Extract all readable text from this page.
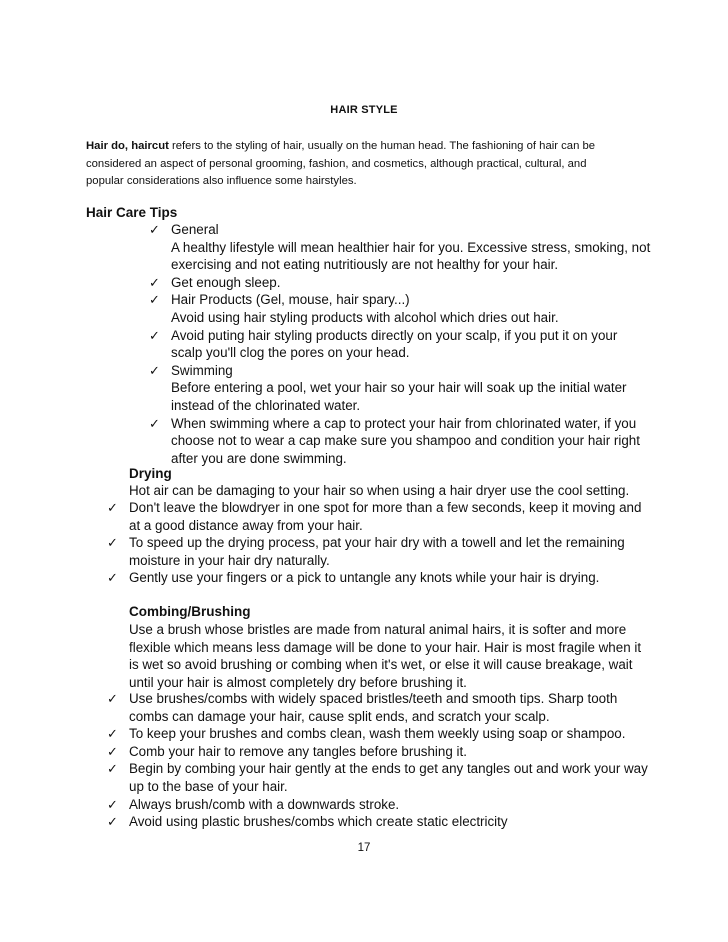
HAIR STYLE
Hair do, haircut refers to the styling of hair, usually on the human head. The fashioning of hair can be
considered an aspect of personal grooming, fashion, and cosmetics, although practical, cultural, and
popular considerations also influence some hairstyles.
Hair Care Tips
✓ General
A healthy lifestyle will mean healthier hair for you. Excessive stress, smoking, not
exercising and not eating nutritiously are not healthy for your hair.
✓ Get enough sleep.
✓ Hair Products (Gel, mouse, hair spary...)
Avoid using hair styling products with alcohol which dries out hair.
✓ Avoid puting hair styling products directly on your scalp, if you put it on your
scalp you'll clog the pores on your head.
✓ Swimming
Before entering a pool, wet your hair so your hair will soak up the initial water
instead of the chlorinated water.
✓ When swimming where a cap to protect your hair from chlorinated water, if you
choose not to wear a cap make sure you shampoo and condition your hair right
after you are done swimming.
Drying
Hot air can be damaging to your hair so when using a hair dryer use the cool setting.
✓ Don't leave the blowdryer in one spot for more than a few seconds, keep it moving and
at a good distance away from your hair.
✓ To speed up the drying process, pat your hair dry with a towell and let the remaining
moisture in your hair dry naturally.
✓ Gently use your fingers or a pick to untangle any knots while your hair is drying.
Combing/Brushing
Use a brush whose bristles are made from natural animal hairs, it is softer and more
flexible which means less damage will be done to your hair. Hair is most fragile when it
is wet so avoid brushing or combing when it's wet, or else it will cause breakage, wait
until your hair is almost completely dry before brushing it.
✓ Use brushes/combs with widely spaced bristles/teeth and smooth tips. Sharp tooth
combs can damage your hair, cause split ends, and scratch your scalp.
✓ To keep your brushes and combs clean, wash them weekly using soap or shampoo.
✓ Comb your hair to remove any tangles before brushing it.
✓ Begin by combing your hair gently at the ends to get any tangles out and work your way
up to the base of your hair.
✓ Always brush/comb with a downwards stroke.
✓ Avoid using plastic brushes/combs which create static electricity
17
